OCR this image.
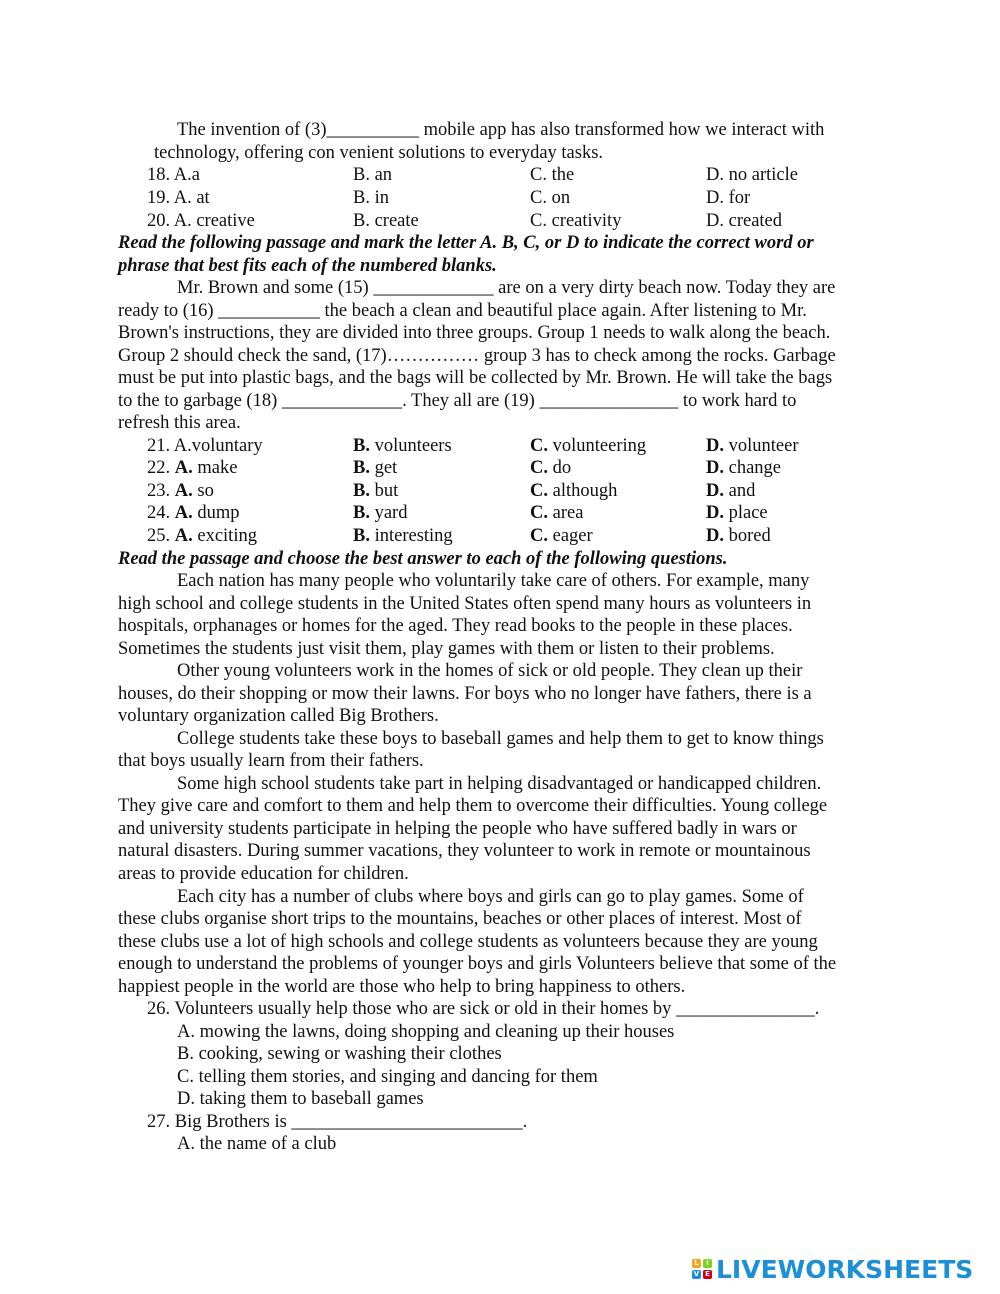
The invention of (3)__________ mobile app has also transformed how we interact with
technology, offering con venient solutions to everyday tasks.
18. A.a	B. an	C. the	D. no article
19. A. at	B. in	C. on	D. for
20. A. creative	B. create	C. creativity	D. created
Read the following passage and mark the letter A. B, C, or D to indicate the correct word or
phrase that best fits each of the numbered blanks.
Mr. Brown and some (15) _____________ are on a very dirty beach now. Today they are
ready to (16) ___________ the beach a clean and beautiful place again. After listening to Mr.
Brown's instructions, they are divided into three groups. Group 1 needs to walk along the beach.
Group 2 should check the sand, (17)…………… group 3 has to check among the rocks. Garbage
must be put into plastic bags, and the bags will be collected by Mr. Brown. He will take the bags
to the to garbage (18) _____________. They all are (19) _______________ to work hard to
refresh this area.
21. A.voluntary	B. volunteers	C. volunteering	D. volunteer
22. A. make	B. get	C. do	D. change
23. A. so	B. but	C. although	D. and
24. A. dump	B. yard	C. area	D. place
25. A. exciting	B. interesting	C. eager	D. bored
Read the passage and choose the best answer to each of the following questions.
Each nation has many people who voluntarily take care of others. For example, many
high school and college students in the United States often spend many hours as volunteers in
hospitals, orphanages or homes for the aged. They read books to the people in these places.
Sometimes the students just visit them, play games with them or listen to their problems.
Other young volunteers work in the homes of sick or old people. They clean up their
houses, do their shopping or mow their lawns. For boys who no longer have fathers, there is a
voluntary organization called Big Brothers.
College students take these boys to baseball games and help them to get to know things
that boys usually learn from their fathers.
Some high school students take part in helping disadvantaged or handicapped children.
They give care and comfort to them and help them to overcome their difficulties. Young college
and university students participate in helping the people who have suffered badly in wars or
natural disasters. During summer vacations, they volunteer to work in remote or mountainous
areas to provide education for children.
Each city has a number of clubs where boys and girls can go to play games. Some of
these clubs organise short trips to the mountains, beaches or other places of interest. Most of
these clubs use a lot of high schools and college students as volunteers because they are young
enough to understand the problems of younger boys and girls Volunteers believe that some of the
happiest people in the world are those who help to bring happiness to others.
26. Volunteers usually help those who are sick or old in their homes by _______________.
A. mowing the lawns, doing shopping and cleaning up their houses
B. cooking, sewing or washing their clothes
C. telling them stories, and singing and dancing for them
D. taking them to baseball games
27. Big Brothers is _________________________.
A. the name of a club
L	i
V E LIVEWORKSHEETS
